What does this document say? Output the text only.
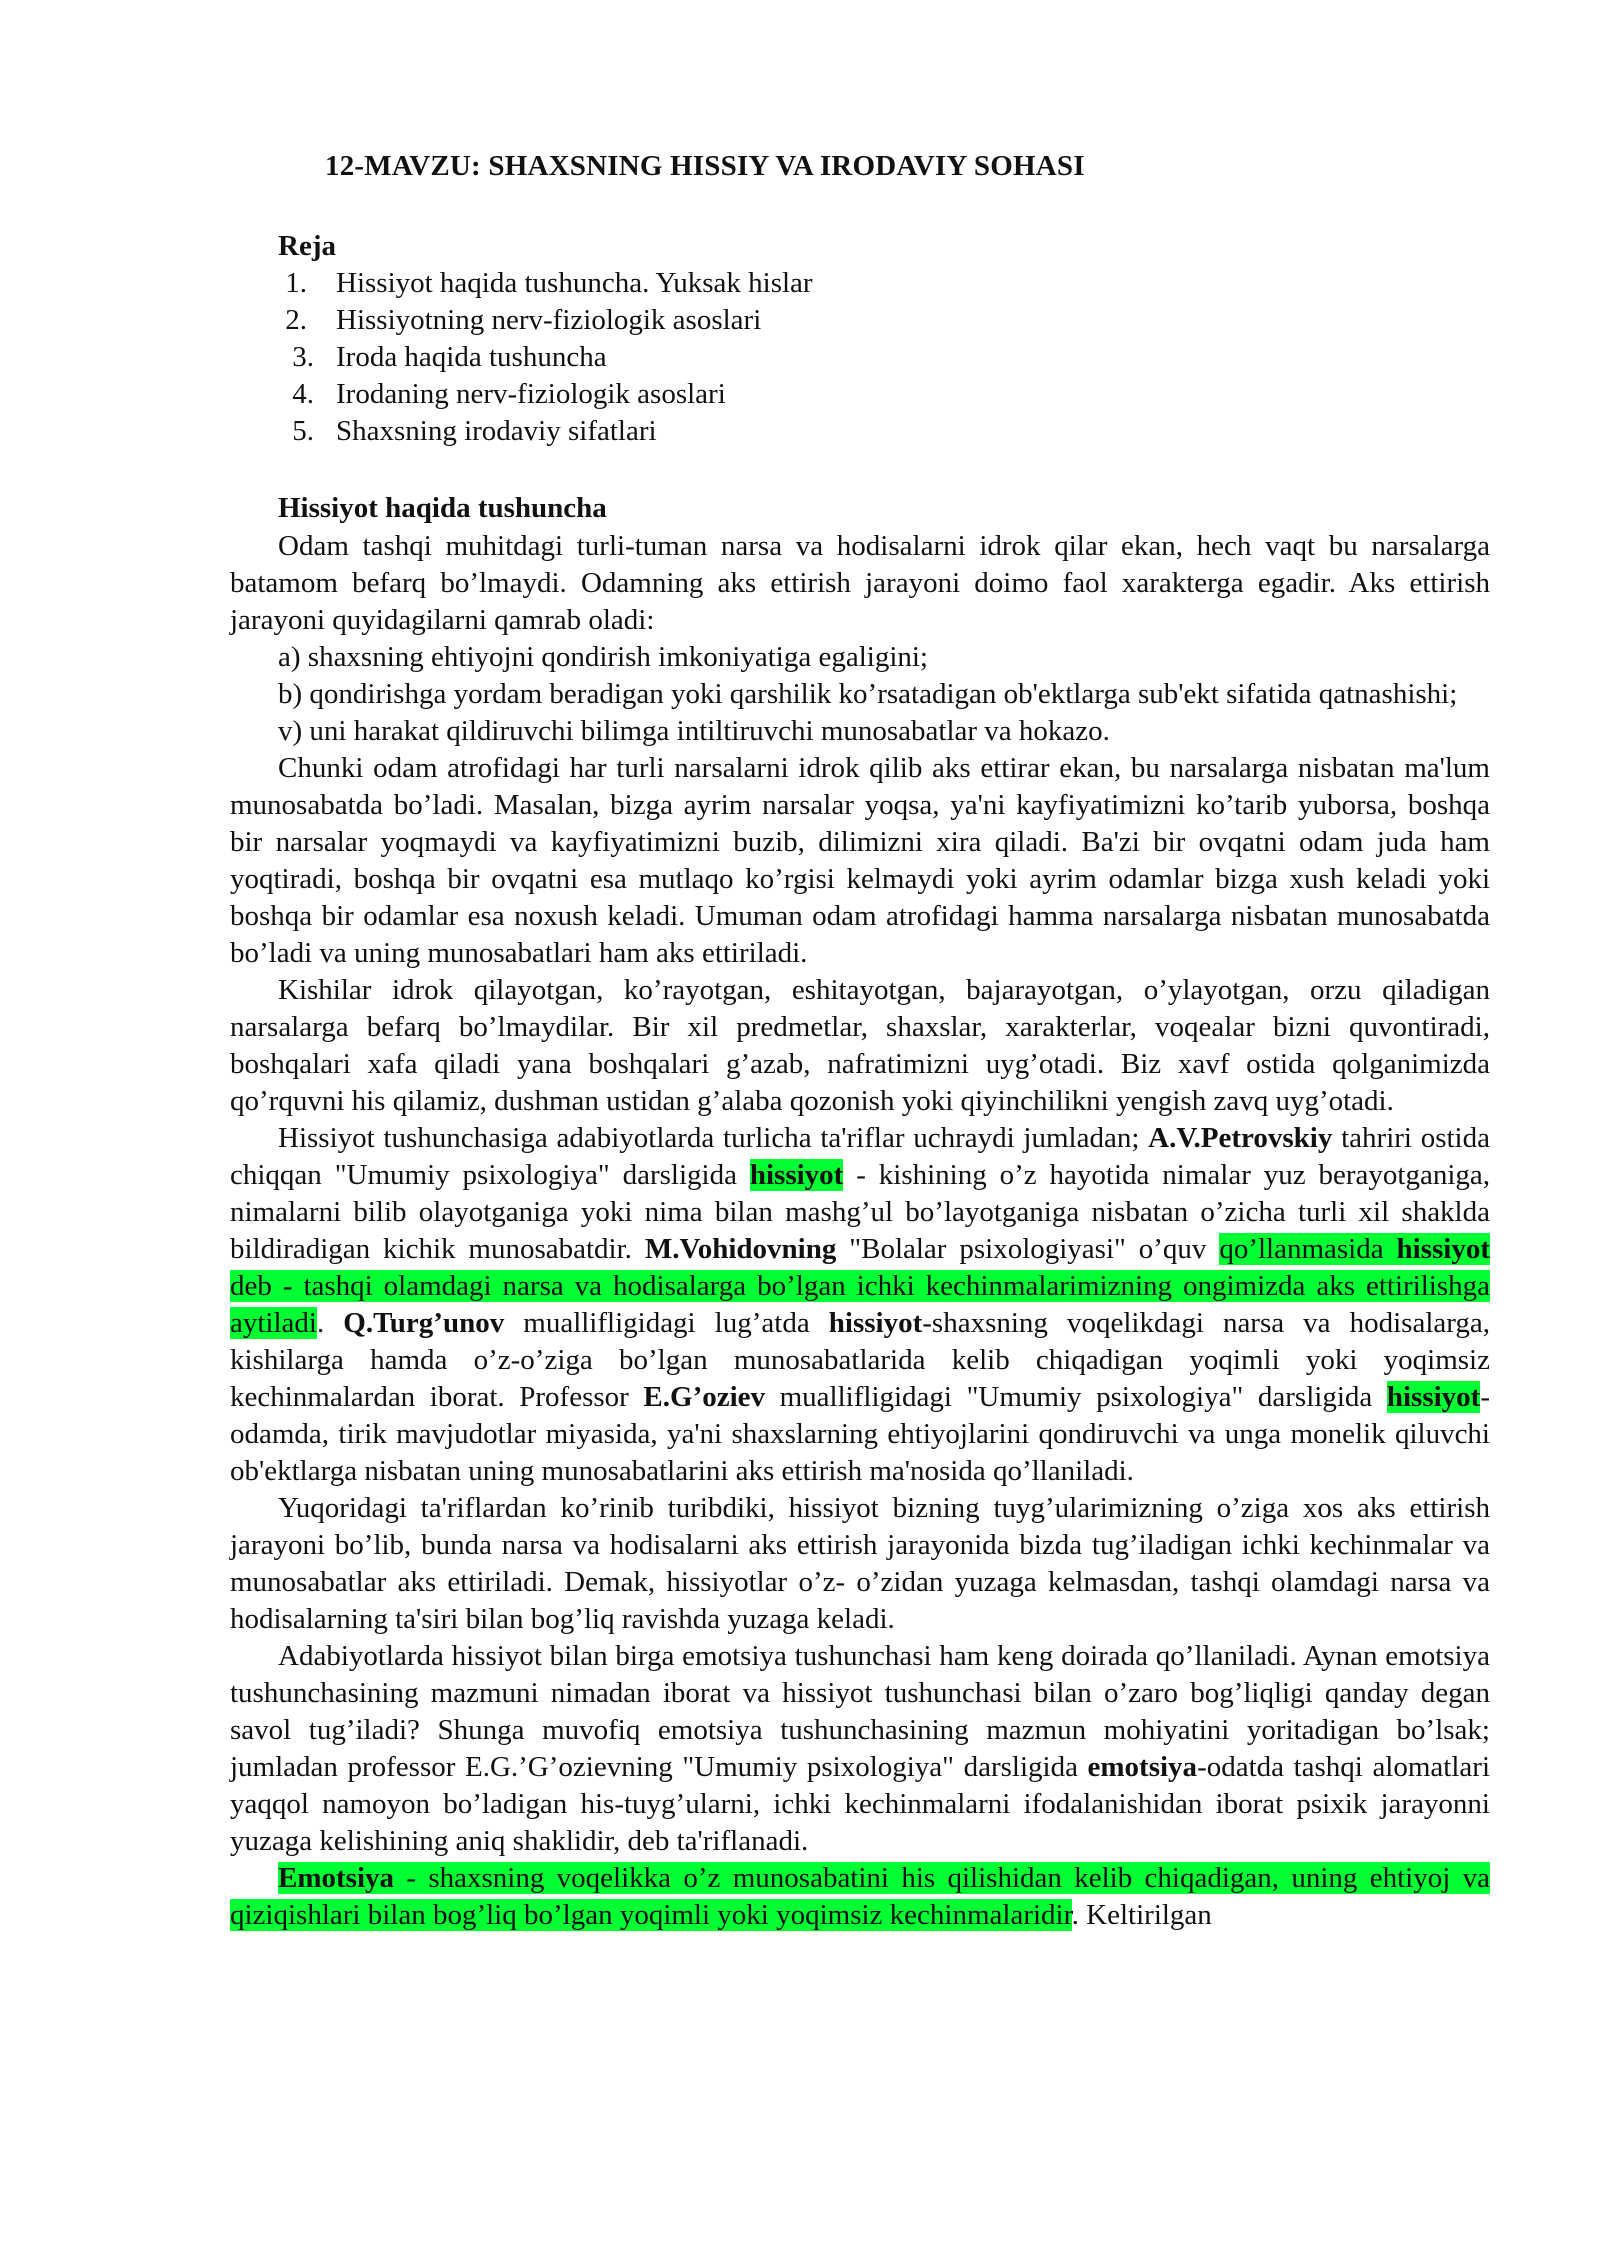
12-MAVZU: SHAXSNING HISSIY VA IRODAVIY SOHASI
Reja
1. Hissiyot haqida tushuncha. Yuksak hislar
2. Hissiyotning nerv-fiziologik asoslari
3. Iroda haqida tushuncha
4. Irodaning nerv-fiziologik asoslari
5. Shaxsning irodaviy sifatlari
Hissiyot haqida tushuncha

Odam tashqi muhitdagi turli-tuman narsa va hodisalarni idrok qilar ekan, hech vaqt bu narsalarga batamom befarq bo’lmaydi. Odamning aks ettirish jarayoni doimo faol xarakterga egadir. Aks ettirish jarayoni quyidagilarni qamrab oladi:

a) shaxsning ehtiyojni qondirish imkoniyatiga egaligini;

b) qondirishga yordam beradigan yoki qarshilik ko’rsatadigan ob'ektlarga sub'ekt sifatida qatnashishi;

v) uni harakat qildiruvchi bilimga intiltiruvchi munosabatlar va hokazo.

Chunki odam atrofidagi har turli narsalarni idrok qilib aks ettirar ekan, bu narsalarga nisbatan ma'lum munosabatda bo’ladi. Masalan, bizga ayrim narsalar yoqsa, ya'ni kayfiyatimizni ko’tarib yuborsa, boshqa bir narsalar yoqmaydi va kayfiyatimizni buzib, dilimizni xira qiladi. Ba'zi bir ovqatni odam juda ham yoqtiradi, boshqa bir ovqatni esa mutlaqo ko’rgisi kelmaydi yoki ayrim odamlar bizga xush keladi yoki boshqa bir odamlar esa noxush keladi. Umuman odam atrofidagi hamma narsalarga nisbatan munosabatda bo’ladi va uning munosabatlari ham aks ettiriladi.

Kishilar idrok qilayotgan, ko’rayotgan, eshitayotgan, bajarayotgan, o’ylayotgan, orzu qiladigan narsalarga befarq bo’lmaydilar. Bir xil predmetlar, shaxslar, xarakterlar, voqealar bizni quvontiradi, boshqalari xafa qiladi yana boshqalari g’azab, nafratimizni uyg’otadi. Biz xavf ostida qolganimizda qo’rquvni his qilamiz, dushman ustidan g’alaba qozonish yoki qiyinchilikni yengish zavq uyg’otadi.

Hissiyot tushunchasiga adabiyotlarda turlicha ta'riflar uchraydi jumladan; A.V.Petrovskiy tahriri ostida chiqqan "Umumiy psixologiya" darsligida hissiyot - kishining o’z hayotida nimalar yuz berayotganiga, nimalarni bilib olayotganiga yoki nima bilan mashg’ul bo’layotganiga nisbatan o’zicha turli xil shaklda bildiradigan kichik munosabatdir. M.Vohidovning "Bolalar psixologiyasi" o’quv qo’llanmasida hissiyot deb - tashqi olamdagi narsa va hodisalarga bo’lgan ichki kechinmalarimizning ongimizda aks ettirilishga aytiladi. Q.Turg’unov mualliflig﻿idagi lug’atda hissiyot-shaxsning voqelikdagi narsa va hodisalarga, kishilarga hamda o’z-o’ziga bo’lgan munosabatlarida kelib chiqadigan yoqimli yoki yoqimsiz kechinmalardan iborat. Professor E.G’oziev muallifligidagi "Umumiy psixologiya" darsligida hissiyot- odamda, tirik mavjudotlar miyasida, ya'ni shaxslarning ehtiyojlarini qondiruvchi va unga monelik qiluvchi ob'ektlarga nisbatan uning munosabatlarini aks ettirish ma'nosida qo’llaniladi.

Yuqoridagi ta'riflardan ko’rinib turibdiki, hissiyot bizning tuyg’ularimizning o’ziga xos aks ettirish jarayoni bo’lib, bunda narsa va hodisalarni aks ettirish jarayonida bizda tug’iladigan ichki kechinmalar va munosabatlar aks ettiriladi. Demak, hissiyotlar o’z- o’zidan yuzaga kelmasdan, tashqi olamdagi narsa va hodisalarning ta'siri bilan bog’liq ravishda yuzaga keladi.

Adabiyotlarda hissiyot bilan birga emotsiya tushunchasi ham keng doirada qo’llaniladi. Aynan emotsiya tushunchasining mazmuni nimadan iborat va hissiyot tushunchasi bilan o’zaro bog’liqligi qanday degan savol tug’iladi? Shunga muvofiq emotsiya tushunchasining mazmun mohiyatini yoritadigan bo’lsak; jumladan professor E.G.’G’ozievning "Umumiy psixologiya" darsligida emotsiya-odatda tashqi alomatlari yaqqol namoyon bo’ladigan his-tuyg’ularni, ichki kechinmalarni ifodalanishidan iborat psixik jarayonni yuzaga kelishining aniq shaklidir, deb ta'riflanadi.

Emotsiya - shaxsning voqelikka o’z munosabatini his qilishidan kelib chiqadigan, uning ehtiyoj va qiziqishlari bilan bog’liq bo’lgan yoqimli yoki yoqimsiz kechinmalaridir. Keltirilgan
